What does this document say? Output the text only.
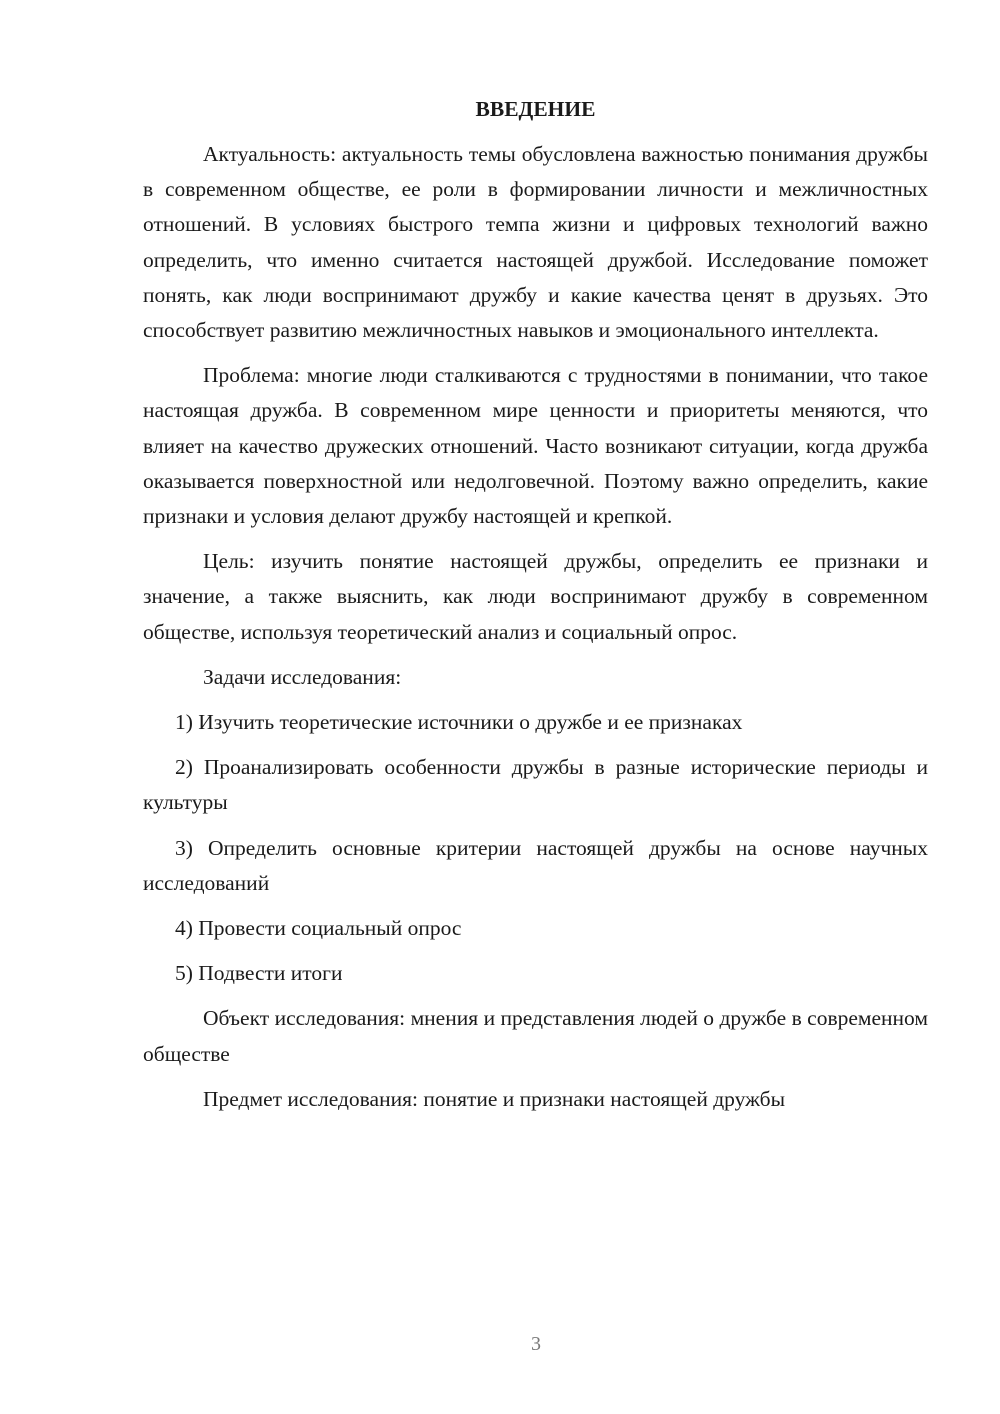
ВВЕДЕНИЕ

Актуальность: актуальность темы обусловлена важностью понимания дружбы в современном обществе, ее роли в формировании личности и межличностных отношений. В условиях быстрого темпа жизни и цифровых технологий важно определить, что именно считается настоящей дружбой. Исследование поможет понять, как люди воспринимают дружбу и какие качества ценят в друзьях. Это способствует развитию межличностных навыков и эмоционального интеллекта.

Проблема: многие люди сталкиваются с трудностями в понимании, что такое настоящая дружба. В современном мире ценности и приоритеты меняются, что влияет на качество дружеских отношений. Часто возникают ситуации, когда дружба оказывается поверхностной или недолговечной. Поэтому важно определить, какие признаки и условия делают дружбу настоящей и крепкой.

Цель: изучить понятие настоящей дружбы, определить ее признаки и значение, а также выяснить, как люди воспринимают дружбу в современном обществе, используя теоретический анализ и социальный опрос.

Задачи исследования:

1) Изучить теоретические источники о дружбе и ее признаках

2) Проанализировать особенности дружбы в разные исторические периоды и культуры

3) Определить основные критерии настоящей дружбы на основе научных исследований

4) Провести социальный опрос

5) Подвести итоги

Объект исследования: мнения и представления людей о дружбе в современном обществе

Предмет исследования: понятие и признаки настоящей дружбы

3
